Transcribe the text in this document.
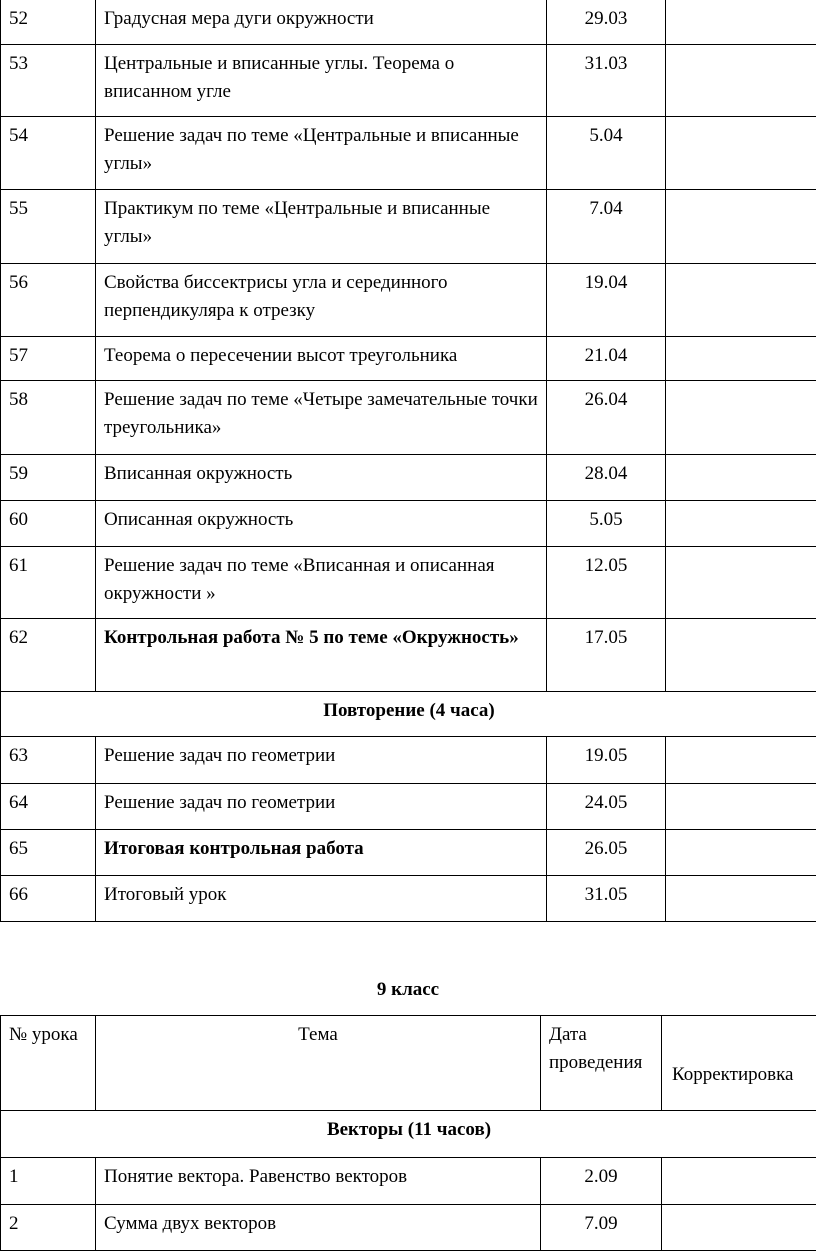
52	Градусная мера дуги окружности	29.03	
53	Центральные и вписанные углы. Теорема о вписанном угле	31.03	
54	Решение задач по теме «Центральные и вписанные углы»	5.04	
55	Практикум по теме «Центральные и вписанные углы»	7.04	
56	Свойства биссектрисы угла и серединного перпендикуляра к отрезку	19.04	
57	Теорема о пересечении высот треугольника	21.04	
58	Решение задач по теме «Четыре замечательные точки треугольника»	26.04	
59	Вписанная окружность	28.04	
60	Описанная окружность	5.05	
61	Решение задач по теме «Вписанная и описанная окружности »	12.05	
62	Контрольная работа № 5 по теме «Окружность»	17.05	
Повторение (4 часа)			
63	Решение задач по геометрии	19.05	
64	Решение задач по геометрии	24.05	
65	Итоговая контрольная работа	26.05	
66	Итоговый урок	31.05	
9 класс
№ урока	Тема	Дата проведения	Корректировка
Векторы (11 часов)			
1	Понятие вектора. Равенство векторов	2.09	
2	Сумма двух векторов	7.09	
